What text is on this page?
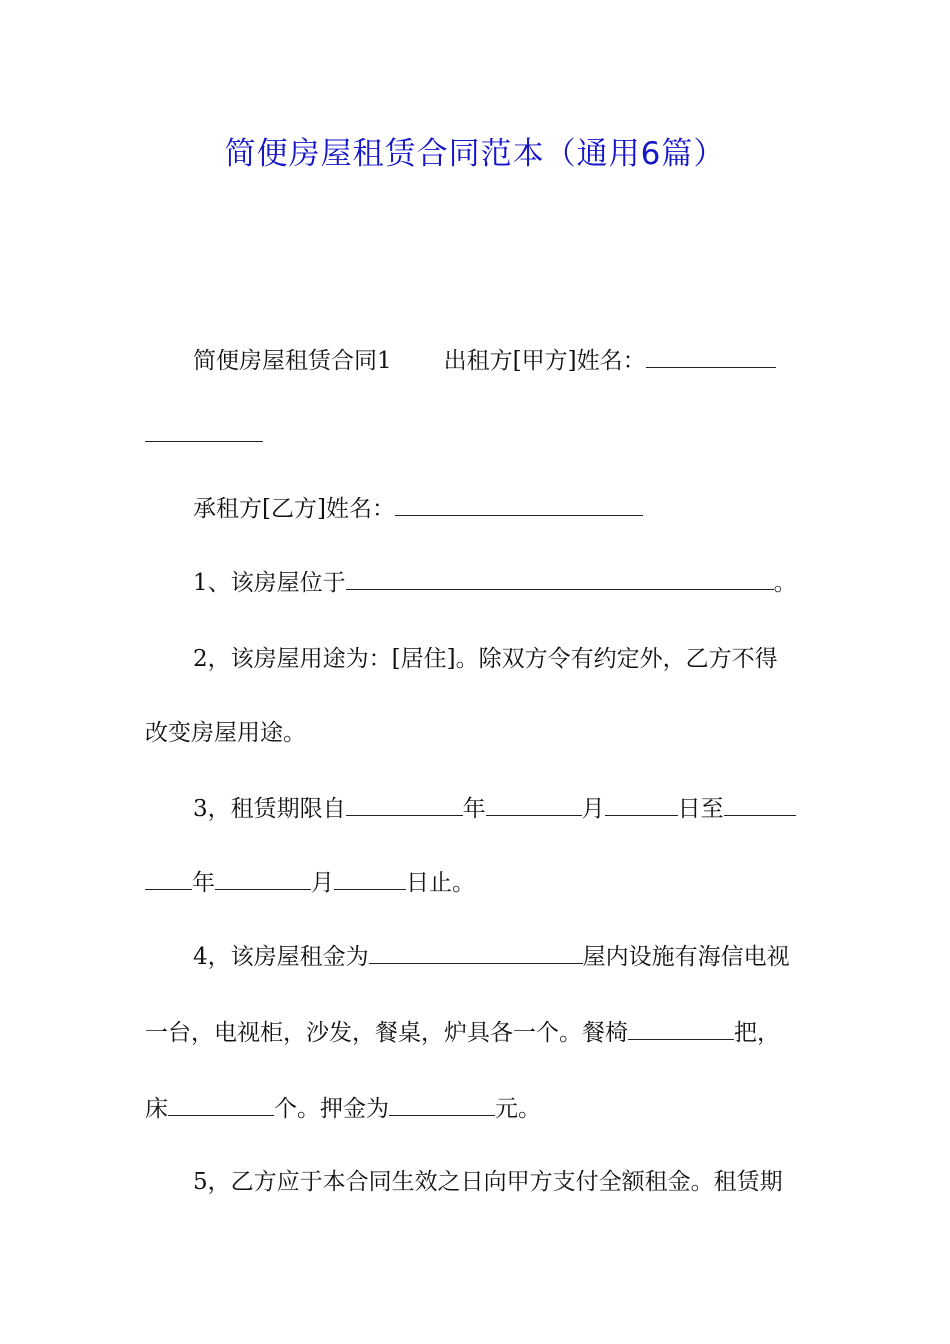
简便房屋租赁合同范本（通用6篇）
简便房屋租赁合同1 出租方[甲方]姓名：
承租方[乙方]姓名：
1、该房屋位于	。
2，该房屋用途为：[居住]。除双方令有约定外，乙方不得
改变房屋用途。
3，租赁期限自	年	月	日至
年	月	日止。
4，该房屋租金为	屋内设施有海信电视
一台，电视柜，沙发，餐桌，炉具各一个。餐椅	把，
床	个。押金为	元。
5，乙方应于本合同生效之日向甲方支付全额租金。租赁期
